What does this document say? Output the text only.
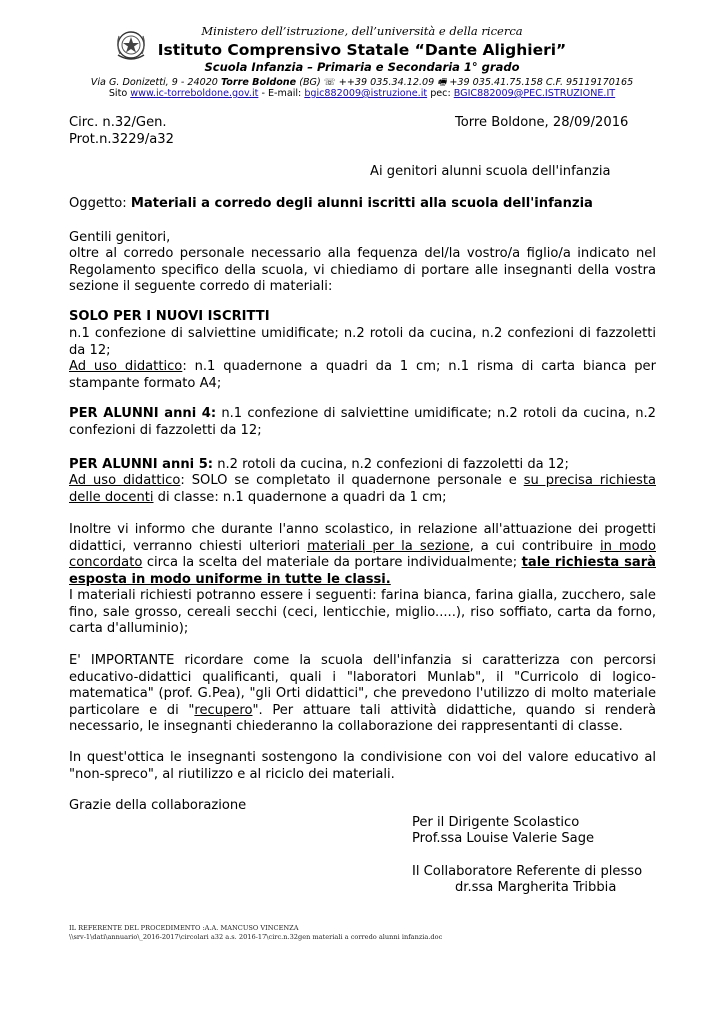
Ministero dell’istruzione, dell’università e della ricerca
Istituto Comprensivo Statale “Dante Alighieri”
Scuola Infanzia – Primaria e Secondaria 1° grado
Via G. Donizetti, 9 - 24020 Torre Boldone (BG) ☏ ++39 035.34.12.09 🖷 +39 035.41.75.158 C.F. 95119170165
Sito www.ic-torreboldone.gov.it - E-mail: bgic882009@istruzione.it pec: BGIC882009@PEC.ISTRUZIONE.IT
Circ. n.32/Gen.
Prot.n.3229/a32
Torre Boldone, 28/09/2016
Ai genitori alunni scuola dell'infanzia
Oggetto: Materiali a corredo degli alunni iscritti alla scuola dell'infanzia
Gentili genitori,
oltre al corredo personale necessario alla fequenza del/la vostro/a figlio/a indicato nel Regolamento specifico della scuola, vi chiediamo di portare alle insegnanti della vostra sezione il seguente corredo di materiali:
SOLO PER I NUOVI ISCRITTI
n.1 confezione di salviettine umidificate; n.2 rotoli da cucina, n.2 confezioni di fazzoletti da 12;
Ad uso didattico: n.1 quadernone a quadri da 1 cm; n.1 risma di carta bianca per stampante formato A4;
PER ALUNNI anni 4: n.1 confezione di salviettine umidificate; n.2 rotoli da cucina, n.2 confezioni di fazzoletti da 12;
PER ALUNNI anni 5: n.2 rotoli da cucina, n.2 confezioni di fazzoletti da 12;
Ad uso didattico: SOLO se completato il quadernone personale e su precisa richiesta delle docenti di classe: n.1 quadernone a quadri da 1 cm;
Inoltre vi informo che durante l'anno scolastico, in relazione all'attuazione dei progetti didattici, verranno chiesti ulteriori materiali per la sezione, a cui contribuire in modo concordato circa la scelta del materiale da portare individualmente; tale richiesta sarà esposta in modo uniforme in tutte le classi.
I materiali richiesti potranno essere i seguenti: farina bianca, farina gialla, zucchero, sale fino, sale grosso, cereali secchi (ceci, lenticchie, miglio.....), riso soffiato, carta da forno, carta d'alluminio);
E' IMPORTANTE ricordare come la scuola dell'infanzia si caratterizza con percorsi educativo-didattici qualificanti, quali i "laboratori Munlab", il "Curricolo di logico-matematica" (prof. G.Pea), "gli Orti didattici", che prevedono l'utilizzo di molto materiale particolare e di "recupero". Per attuare tali attività didattiche, quando si renderà necessario, le insegnanti chiederanno la collaborazione dei rappresentanti di classe.
In quest'ottica le insegnanti sostengono la condivisione con voi del valore educativo al "non-spreco", al riutilizzo e al riciclo dei materiali.
Grazie della collaborazione
Per il Dirigente Scolastico
Prof.ssa Louise Valerie Sage
Il Collaboratore Referente di plesso
dr.ssa Margherita Tribbia
IL REFERENTE DEL PROCEDIMENTO :A.A. MANCUSO VINCENZA
\\srv-1\dati\annuario\_2016-2017\circolari a32 a.s. 2016-17\circ.n.32gen materiali a corredo alunni infanzia.doc
